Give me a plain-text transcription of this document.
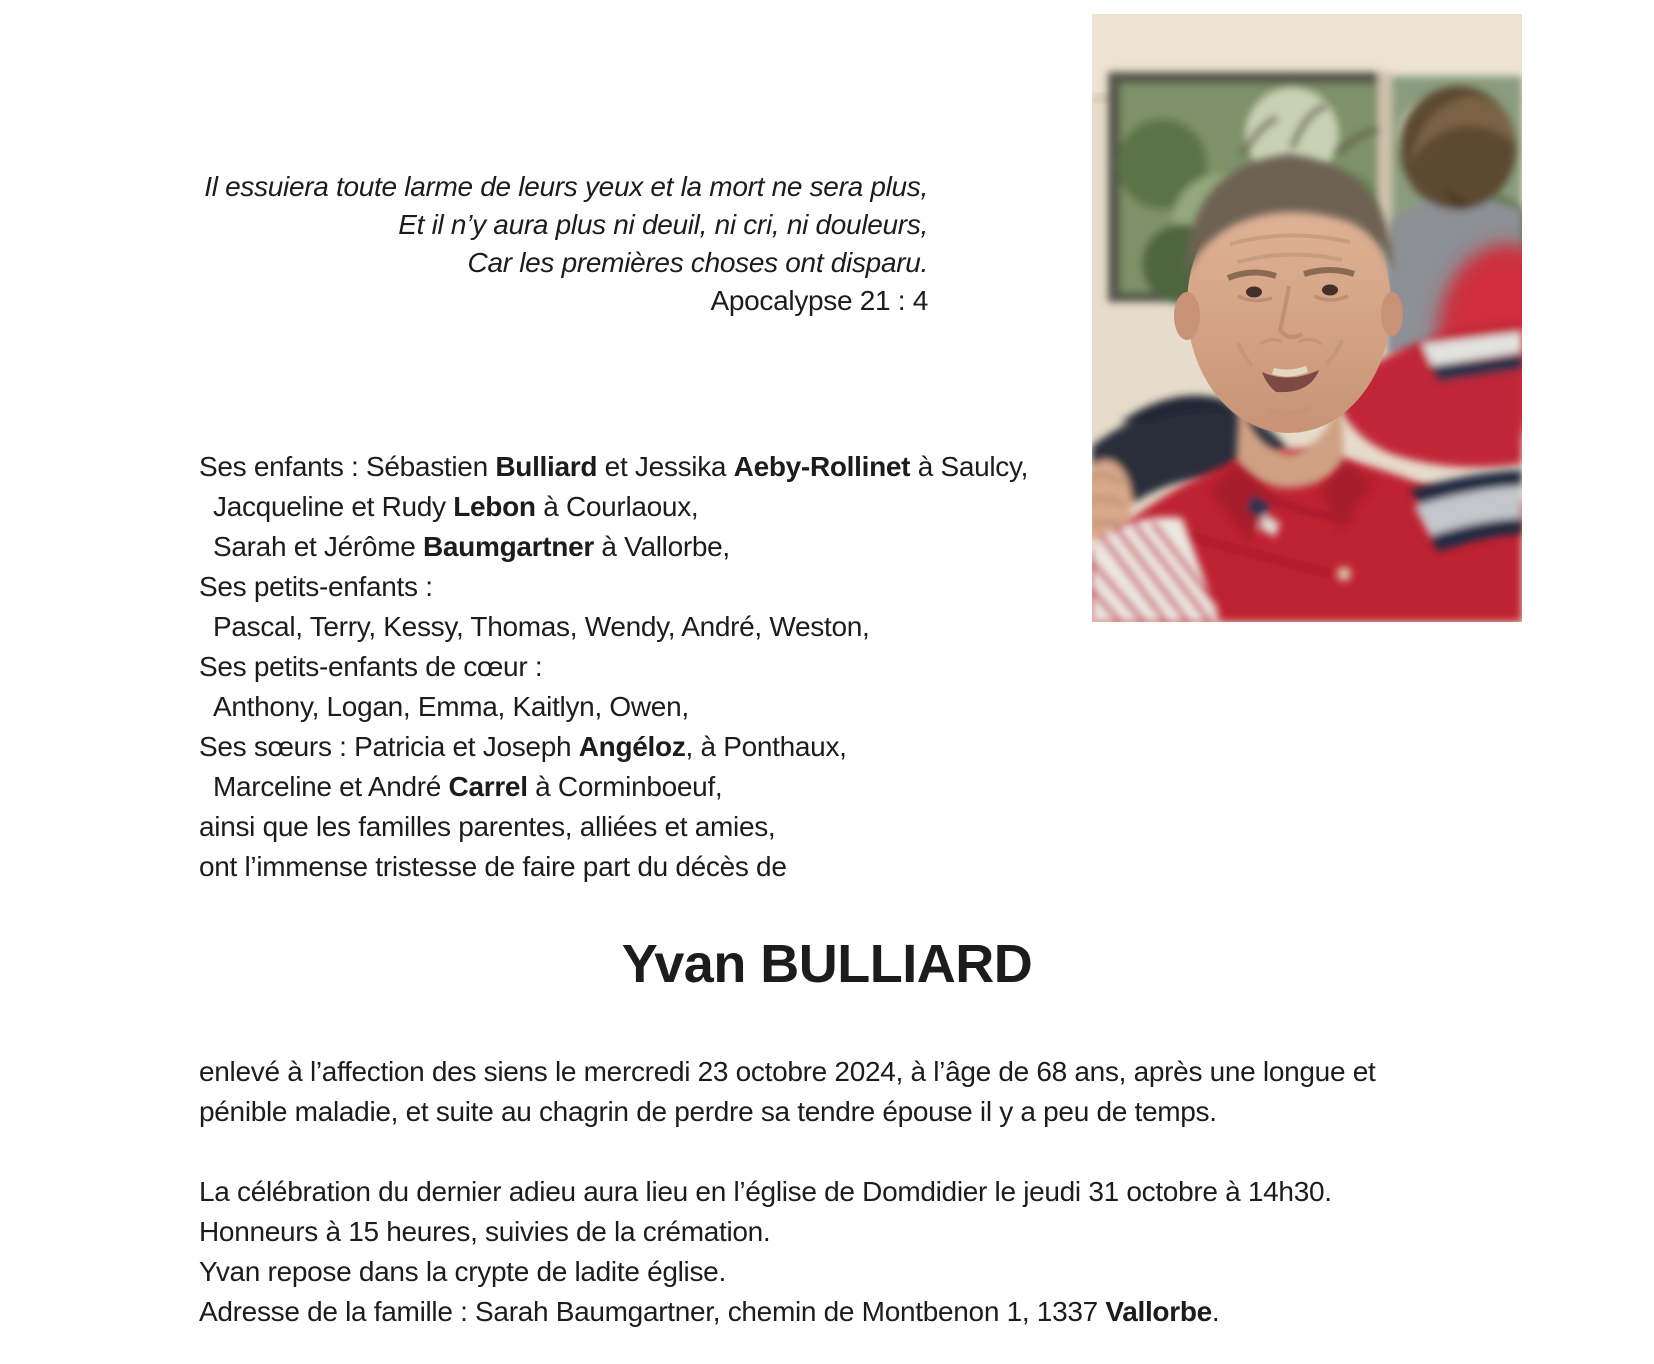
Il essuiera toute larme de leurs yeux et la mort ne sera plus,
Et il n’y aura plus ni deuil, ni cri, ni douleurs,
Car les premières choses ont disparu.
Apocalypse 21 : 4
Ses enfants : Sébastien Bulliard et Jessika Aeby-Rollinet à Saulcy,
Jacqueline et Rudy Lebon à Courlaoux,
Sarah et Jérôme Baumgartner à Vallorbe,
Ses petits-enfants :
Pascal, Terry, Kessy, Thomas, Wendy, André, Weston,
Ses petits-enfants de cœur :
Anthony, Logan, Emma, Kaitlyn, Owen,
Ses sœurs : Patricia et Joseph Angéloz, à Ponthaux,
Marceline et André Carrel à Corminboeuf,
ainsi que les familles parentes, alliées et amies,
ont l’immense tristesse de faire part du décès de
Yvan BULLIARD
enlevé à l’affection des siens le mercredi 23 octobre 2024, à l’âge de 68 ans, après une longue et
pénible maladie, et suite au chagrin de perdre sa tendre épouse il y a peu de temps.
La célébration du dernier adieu aura lieu en l’église de Domdidier le jeudi 31 octobre à 14h30.
Honneurs à 15 heures, suivies de la crémation.
Yvan repose dans la crypte de ladite église.
Adresse de la famille : Sarah Baumgartner, chemin de Montbenon 1, 1337 Vallorbe.
